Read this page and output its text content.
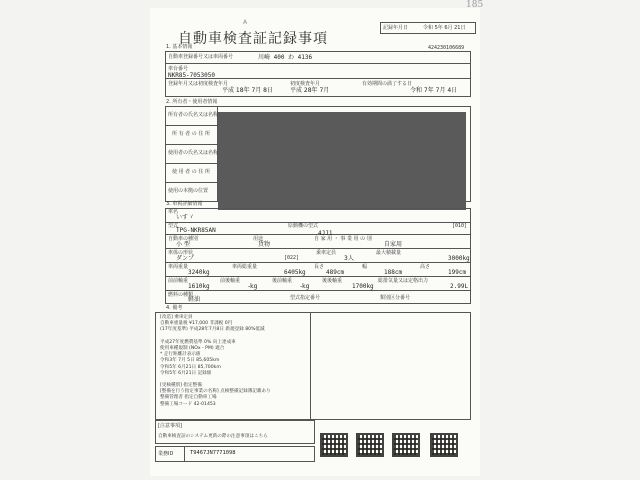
A
自動車検査証記録事項
記録年月日	令和 5年 6月 21日
424230106689
185
1. 基本情報
自動車登録番号又は車両番号	川崎 400 わ 4136
車台番号
NKR85-7053050
登録年月又は初度検査年月
平成 18年 7月 8日
初度検査年月
平成 28年 7月
有効期間の満了する日
令和 7年 7月 4日
2. 所有者・使用者情報
所有者の氏名又は名称
所 有 者 の 住 所
使用者の氏名又は名称
使 用 者 の 住 所
使用の本拠の位置
3. 車両詳細情報
車名
いすゞ
型式
TPG-NKR85AN
原動機の型式
4JJ1
[010]
自動車の種別
小 型
用途
貨物
自 家 用 ・ 事 業 用 の 別
自家用
車体の形状
ダンプ	[022]
乗車定員
3人
最大積載量
3000kg
車両重量
3240kg
車両総重量
6405kg
長さ
489cm
幅
188cm
高さ
199cm
前前軸重
1610kg
前後軸重
-kg
後前軸重
-kg
後後軸重
1700kg
総排気量又は定格出力
2.99L
燃料の種類
軽油	型式指定番号	類別区分番号
4. 備考
[改造] 乗車定員
自動車重量税 ¥17,000 非課税 0円
(17年度基準) 平成28年7月8日 新規登録 80%低減
平成27年度燃費基準 0% 向上達成車
使用車種規制 (NOx・PM) 適合
* 走行距離計表示値
令和3年 7月 5日 85,605km
令和5年 6月21日 85,700km
令和5年 6月21日 記録値
[受検種別] 指定整備
[整備を行う指定事業の名称] 点検整備記録簿記載あり
整備管理者 指定自動車工場
整備工場コード 42-01453
[注意事項]
自動車検査証のシステム更新の際の注意事項はこちら
業務ID	T9467JN7771098
